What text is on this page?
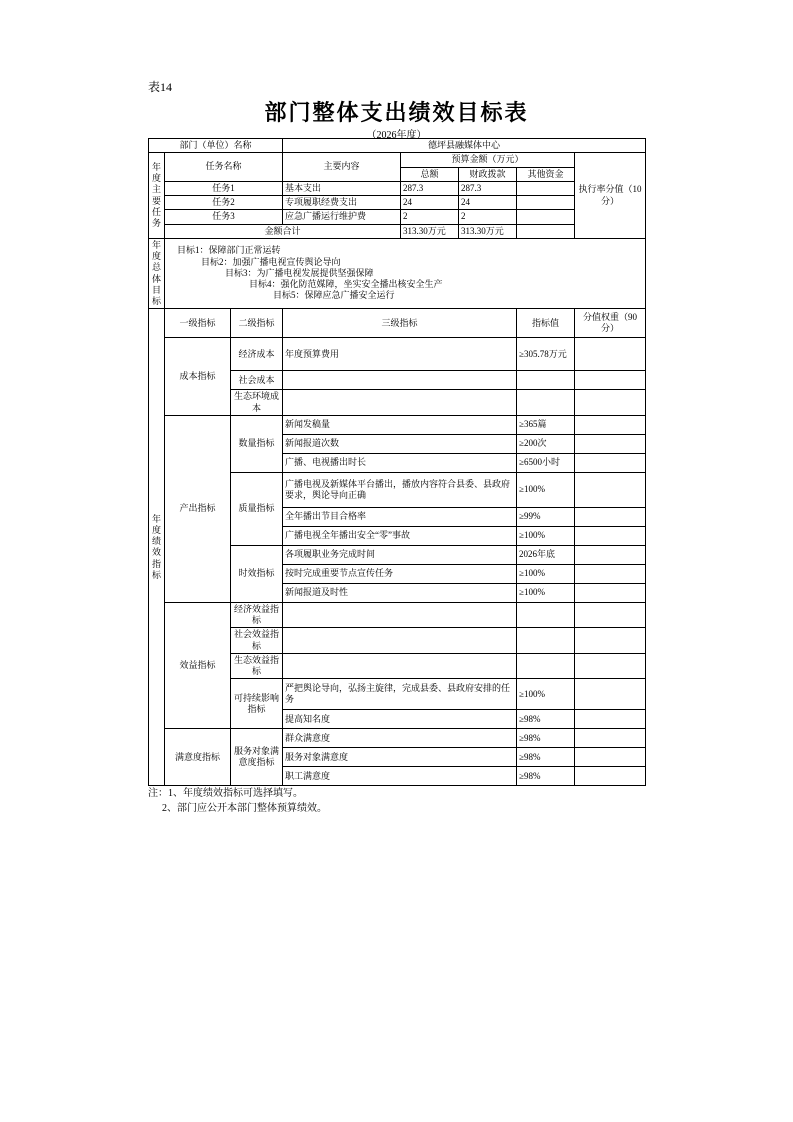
表14
部门整体支出绩效目标表
（2026年度）
部门（单位）名称			德坪县融媒体中心				

年度主要任务	任务名称		主要内容	预算金额（万元）			执行率分值（10分）
				总额	财政拨款	其他资金	
	任务1		基本支出	287.3	287.3		
	任务2		专项履职经费支出	24	24		
	任务3		应急广播运行维护费	2	2		
	金额合计			313.30万元	313.30万元		

年度总体目标	目标1：保障部门正常运转
目标2：加强广播电视宣传舆论导向
目标3：为广播电视发展提供坚强保障
目标4：强化防范媒障，坐实安全播出核安全生产
目标5：保障应急广播安全运行						

年度绩效指标	一级指标	二级指标	三级指标			指标值	分值权重（90分）
	成本指标	经济成本	年度预算费用			≥305.78万元	
		社会成本					
		生态环境成本					
	产出指标	数量指标	新闻发稿量			≥365篇	
			新闻报道次数			≥200次	
			广播、电视播出时长			≥6500小时	
		质量指标	广播电视及新媒体平台播出，播放内容符合县委、县政府要求，舆论导向正确			≥100%	
			全年播出节目合格率			≥99%	
			广播电视全年播出安全“零”事故			≥100%	
		时效指标	各项履职业务完成时间			2026年底	
			按时完成重要节点宣传任务			≥100%	
			新闻报道及时性			≥100%	
	效益指标	经济效益指标					
		社会效益指标					
		生态效益指标					
		可持续影响指标	严把舆论导向，弘扬主旋律，完成县委、县政府安排的任务			≥100%	
			提高知名度			≥98%	
	满意度指标	服务对象满意度指标	群众满意度			≥98%	
			服务对象满意度			≥98%	
			职工满意度			≥98%	
注：1、年度绩效指标可选择填写。
2、部门应公开本部门整体预算绩效。
